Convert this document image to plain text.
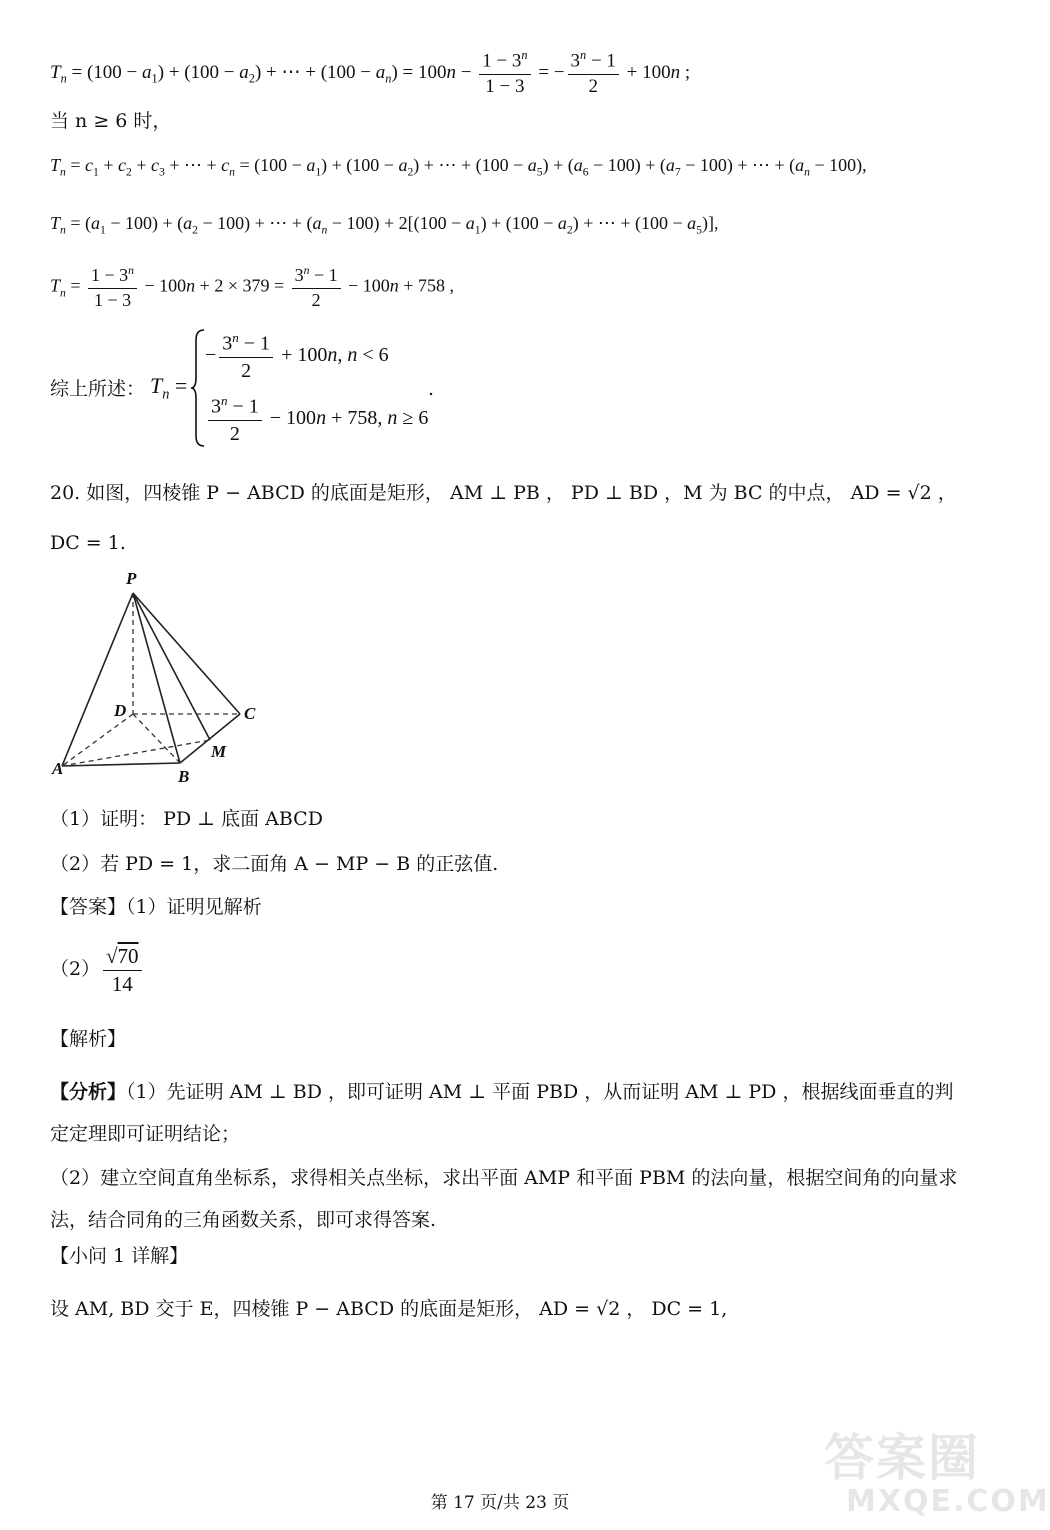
$T_n = (100 - a_1) + (100 - a_2)$ + ⋯ + $(100 - a_n) = 100n - \frac{1 - 3^n}{1 - 3}$ = − $\frac{3^n - 1}{2} + 100n$ ;
当 n ≥ 6 时，
$T_n = c_1 + c_2 + c_3$ + ⋯ + $c_n = (100 - a_1) + (100 - a_2)$ + ⋯ + $(100 - a_5) + (a_6 - 100) + (a_7 - 100)$ + ⋯ + $(a_n - 100)$,
$T_n = (a_1 - 100) + (a_2 - 100)$ + ⋯ + $(a_n - 100) + 2[(100 - a_1) + (100 - a_2)$ + ⋯ + $(100 - a_5)$],
$T_n = \frac{1 - 3^n}{1 - 3} - 100n + 2 \times 379 = \frac{3^n - 1}{2} - 100n + 758$ ,
综上所述： $T_n$ =
− $\frac{3^n - 1}{2} + 100n$, n < 6
$\frac{3^n - 1}{2} - 100n + 758$, n ≥ 6
.
20. 如图，四棱锥 P − ABCD 的底面是矩形， AM ⊥ PB ， PD ⊥ BD ，M 为 BC 的中点， AD = √2 ，
DC = 1.
P
D	C
M
A	B
（1）证明： PD ⊥ 底面 ABCD
（2）若 PD = 1，求二面角 A − MP − B 的正弦值.
【答案】（1）证明见解析
$(2) \frac{√70}{14}$
【解析】
【分析】（1）先证明 AM ⊥ BD ，即可证明 AM ⊥ 平面 PBD ，从而证明 AM ⊥ PD ，根据线面垂直的判定定理即可证明结论；
（2）建立空间直角坐标系，求得相关点坐标，求出平面 AMP 和平面 PBM 的法向量，根据空间角的向量求法，结合同角的三角函数关系，即可求得答案.
【小问 1 详解】
设 AM, BD 交于 E，四棱锥 P − ABCD 的底面是矩形， AD = √2 ， DC = 1,
答案圈
MXQE.COM
第 17 页/共 23 页
